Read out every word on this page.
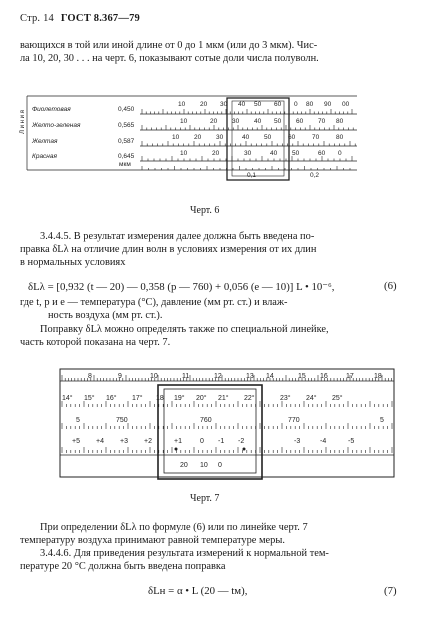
Стр. 14 ГОСТ 8.367—79
вающихся в той или иной длине от 0 до 1 мкм (или до 3 мкм). Чис-
ла 10, 20, 30 . . . на черт. 6, показывают сотые доли числа полуволн.
Л и н и я
Фиолетовая	0,450
Желто-зеленая	0,565
Желтая	0,587
Красная	0,645
мкм
10 20 30 40 50 60 0 80 90 00
10	20 30 40 50 60 70 80
10 20 30	40 50	60	70	80
10	20	30	40 50	60 0
0,1	0,2
Черт. 6
3.4.4.5. В результат измерения далее должна быть введена по-
правка δLλ на отличие длин волн в условиях измерения от их длин
в нормальных условиях
δLλ = [0,932 (t — 20) — 0,358 (p — 760) + 0,056 (e — 10)] L • 10⁻⁶,	(6)
где t, p и e — температура (°С), давление (мм рт. ст.) и влаж-
ность воздуха (мм рт. ст.).
Поправку δLλ можно определять также по специальной линейке,
часть которой показана на черт. 7.
8	9	10	11	12	13 14	15 16	17	18
14° 15° 16° 17° 18 19° 20° 21° 22°	23° 24° 25°
5	750	760	770	5
+5 +4 +3 +2	+1	0 -1 -2	-3	-4	-5
20 10 0
Черт. 7
При определении δLλ по формуле (6) или по линейке черт. 7
температуру воздуха принимают равной температуре меры.
3.4.4.6. Для приведения результата измерений к нормальной тем-
пературе 20 °С должна быть введена поправка
δLн = α • L (20 — tм),	(7)
